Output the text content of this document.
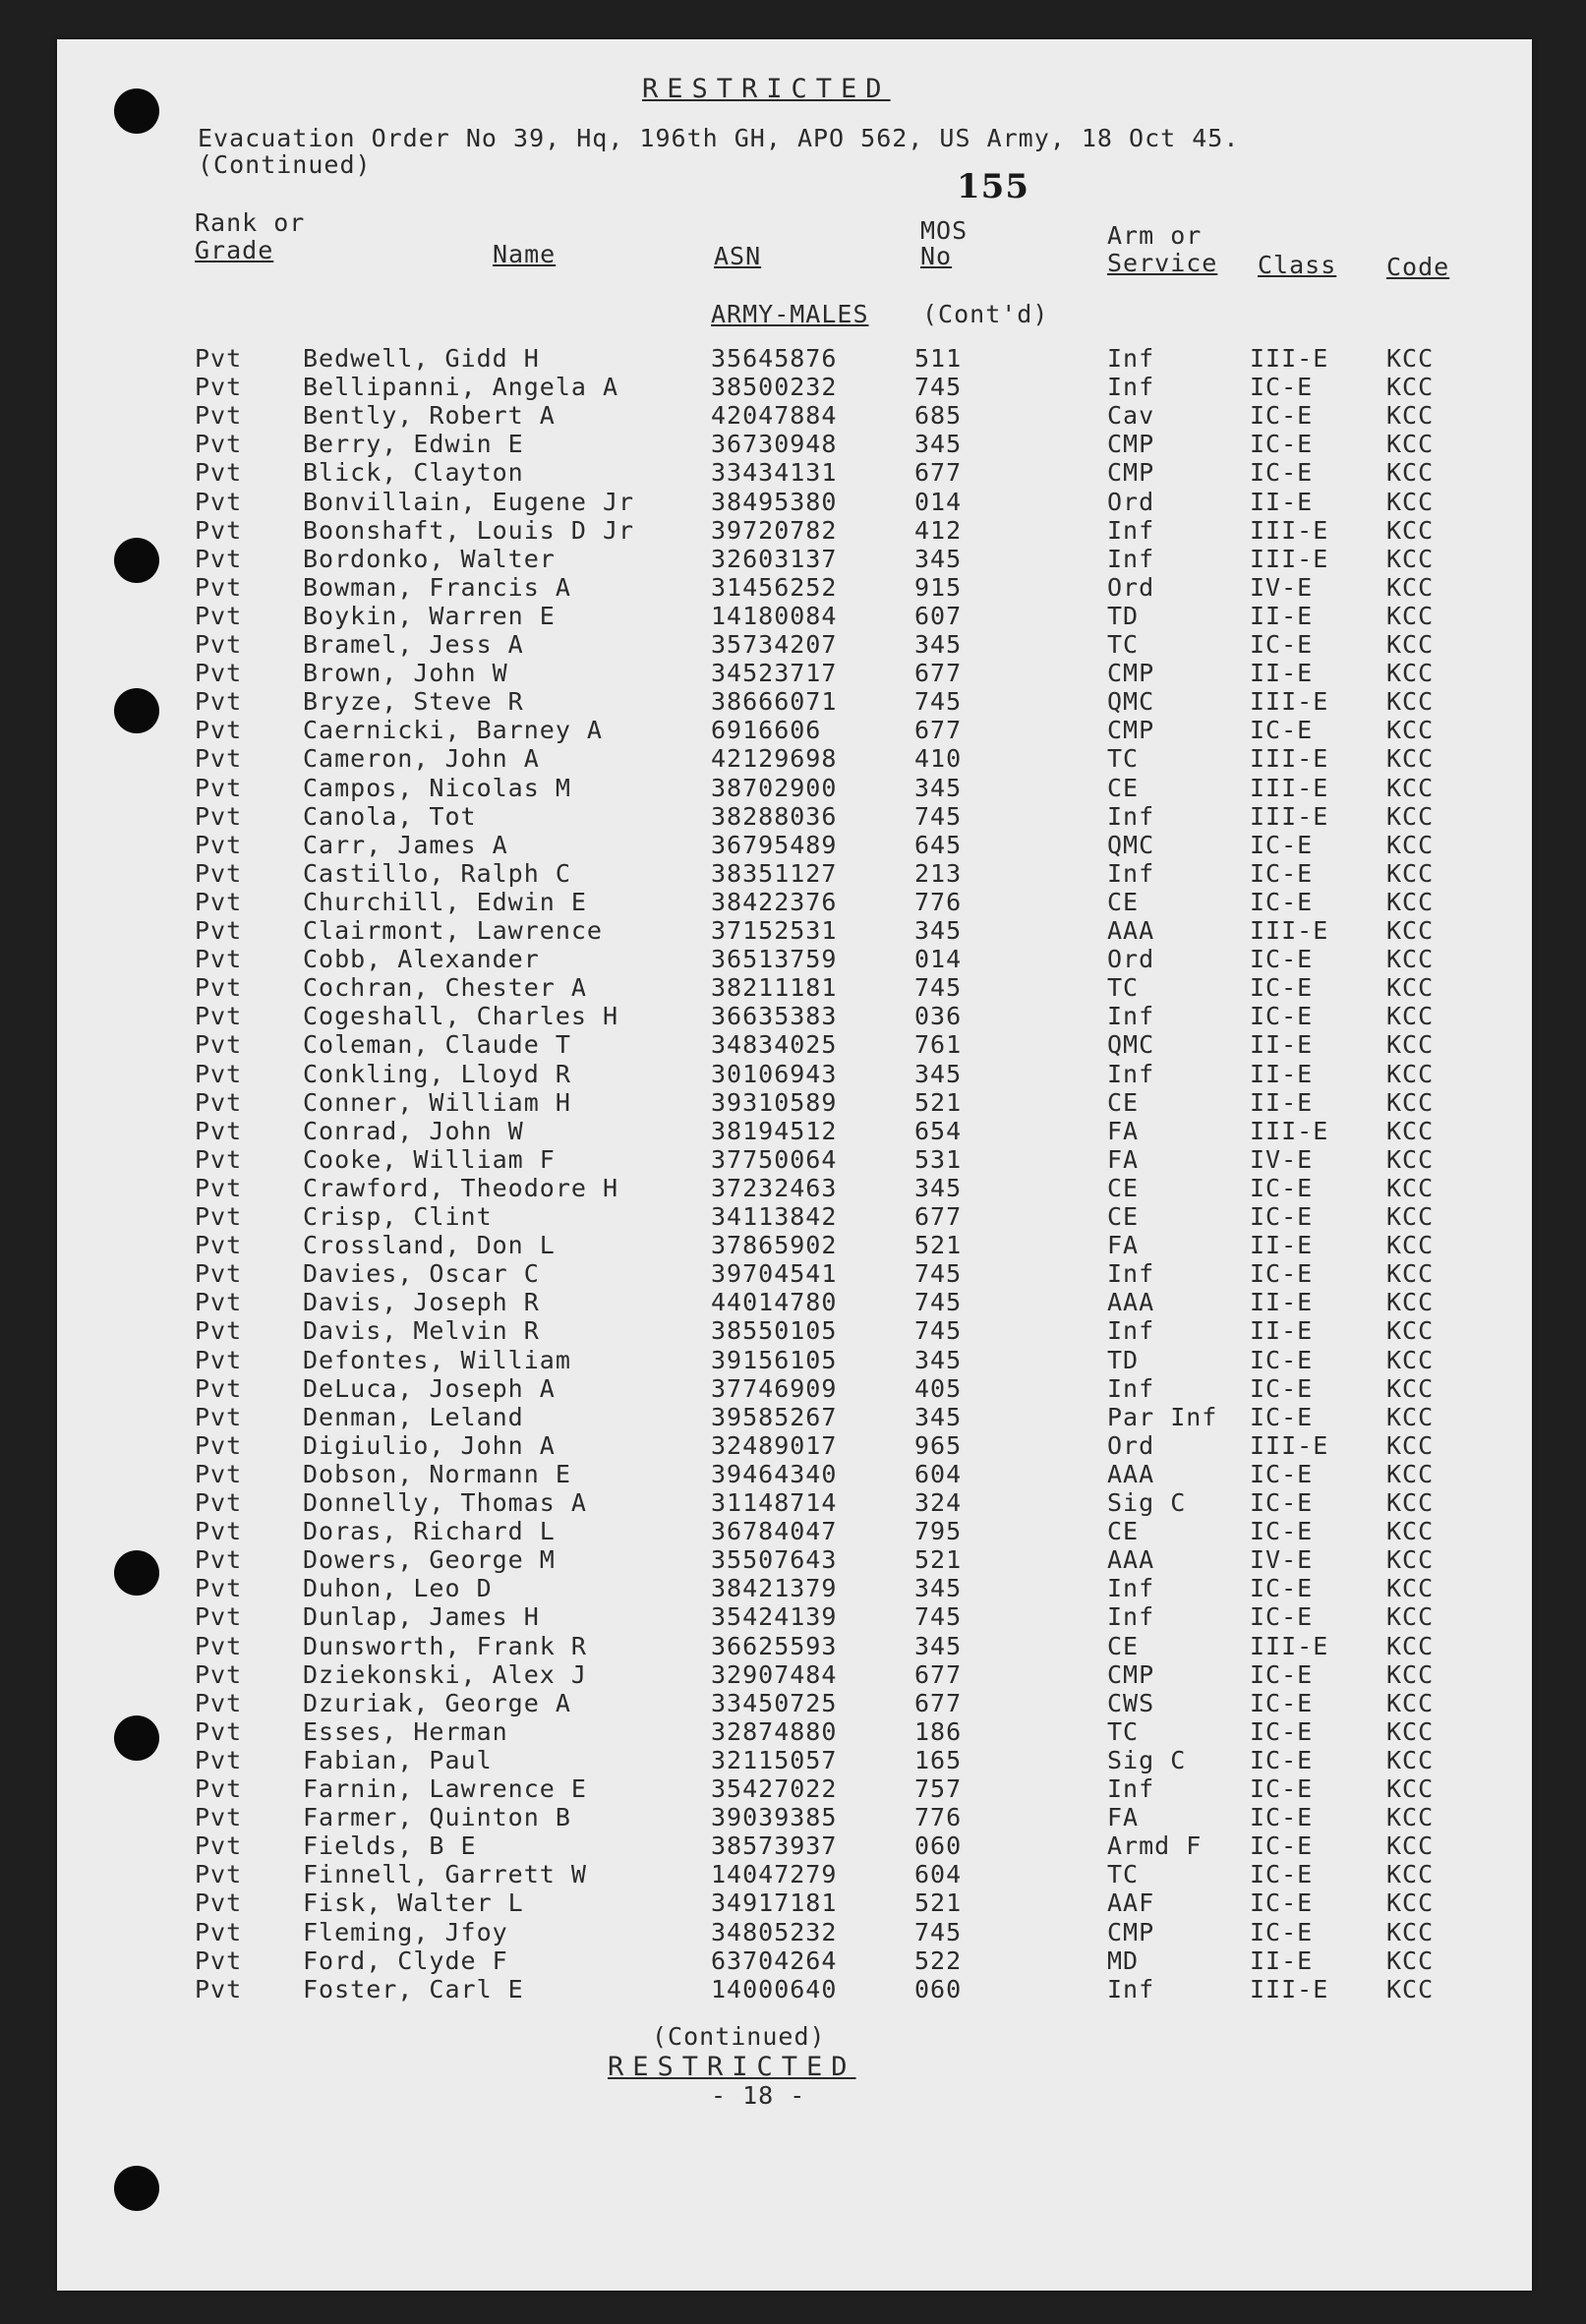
RESTRICTED
Evacuation Order No 39, Hq, 196th GH, APO 562, US Army, 18 Oct 45.
(Continued)
155
Rank or
Grade	Name	ASN
MOS
No
Arm or
Service Class Code
ARMY-MALES (Cont'd)
Pvt Bedwell, Gidd H	35645876	511	Inf	III-E KCC
Pvt Bellipanni, Angela A	38500232	745	Inf	IC-E	KCC
Pvt Bently, Robert A	42047884	685	Cav	IC-E	KCC
Pvt Berry, Edwin E	36730948	345	CMP	IC-E	KCC
Pvt Blick, Clayton	33434131	677	CMP	IC-E	KCC
Pvt Bonvillain, Eugene Jr	38495380	014	Ord	II-E	KCC
Pvt Boonshaft, Louis D Jr	39720782	412	Inf	III-E KCC
Pvt Bordonko, Walter	32603137	345	Inf	III-E KCC
Pvt Bowman, Francis A	31456252	915	Ord	IV-E	KCC
Pvt Boykin, Warren E	14180084	607	TD	II-E	KCC
Pvt Bramel, Jess A	35734207	345	TC	IC-E	KCC
Pvt Brown, John W	34523717	677	CMP	II-E	KCC
Pvt Bryze, Steve R	38666071	745	QMC	III-E KCC
Pvt Caernicki, Barney A	6916606	677	CMP	IC-E	KCC
Pvt Cameron, John A	42129698	410	TC	III-E KCC
Pvt Campos, Nicolas M	38702900	345	CE	III-E KCC
Pvt Canola, Tot	38288036	745	Inf	III-E KCC
Pvt Carr, James A	36795489	645	QMC	IC-E	KCC
Pvt Castillo, Ralph C	38351127	213	Inf	IC-E	KCC
Pvt Churchill, Edwin E	38422376	776	CE	IC-E	KCC
Pvt Clairmont, Lawrence	37152531	345	AAA	III-E KCC
Pvt Cobb, Alexander	36513759	014	Ord	IC-E	KCC
Pvt Cochran, Chester A	38211181	745	TC	IC-E	KCC
Pvt Cogeshall, Charles H	36635383	036	Inf	IC-E	KCC
Pvt Coleman, Claude T	34834025	761	QMC	II-E	KCC
Pvt Conkling, Lloyd R	30106943	345	Inf	II-E	KCC
Pvt Conner, William H	39310589	521	CE	II-E	KCC
Pvt Conrad, John W	38194512	654	FA	III-E KCC
Pvt Cooke, William F	37750064	531	FA	IV-E	KCC
Pvt Crawford, Theodore H	37232463	345	CE	IC-E	KCC
Pvt Crisp, Clint	34113842	677	CE	IC-E	KCC
Pvt Crossland, Don L	37865902	521	FA	II-E	KCC
Pvt Davies, Oscar C	39704541	745	Inf	IC-E	KCC
Pvt Davis, Joseph R	44014780	745	AAA	II-E	KCC
Pvt Davis, Melvin R	38550105	745	Inf	II-E	KCC
Pvt Defontes, William	39156105	345	TD	IC-E	KCC
Pvt DeLuca, Joseph A	37746909	405	Inf	IC-E	KCC
Pvt Denman, Leland	39585267	345	Par Inf IC-E	KCC
Pvt Digiulio, John A	32489017	965	Ord	III-E KCC
Pvt Dobson, Normann E	39464340	604	AAA	IC-E	KCC
Pvt Donnelly, Thomas A	31148714	324	Sig C	IC-E	KCC
Pvt Doras, Richard L	36784047	795	CE	IC-E	KCC
Pvt Dowers, George M	35507643	521	AAA	IV-E	KCC
Pvt Duhon, Leo D	38421379	345	Inf	IC-E	KCC
Pvt Dunlap, James H	35424139	745	Inf	IC-E	KCC
Pvt Dunsworth, Frank R	36625593	345	CE	III-E KCC
Pvt Dziekonski, Alex J	32907484	677	CMP	IC-E	KCC
Pvt Dzuriak, George A	33450725	677	CWS	IC-E	KCC
Pvt Esses, Herman	32874880	186	TC	IC-E	KCC
Pvt Fabian, Paul	32115057	165	Sig C	IC-E	KCC
Pvt Farnin, Lawrence E	35427022	757	Inf	IC-E	KCC
Pvt Farmer, Quinton B	39039385	776	FA	IC-E	KCC
Pvt Fields, B E	38573937	060	Armd F IC-E	KCC
Pvt Finnell, Garrett W	14047279	604	TC	IC-E	KCC
Pvt Fisk, Walter L	34917181	521	AAF	IC-E	KCC
Pvt Fleming, Jfoy	34805232	745	CMP	IC-E	KCC
Pvt Ford, Clyde F	63704264	522	MD	II-E	KCC
Pvt Foster, Carl E	14000640	060	Inf	III-E KCC
(Continued)
RESTRICTED
- 18 -
